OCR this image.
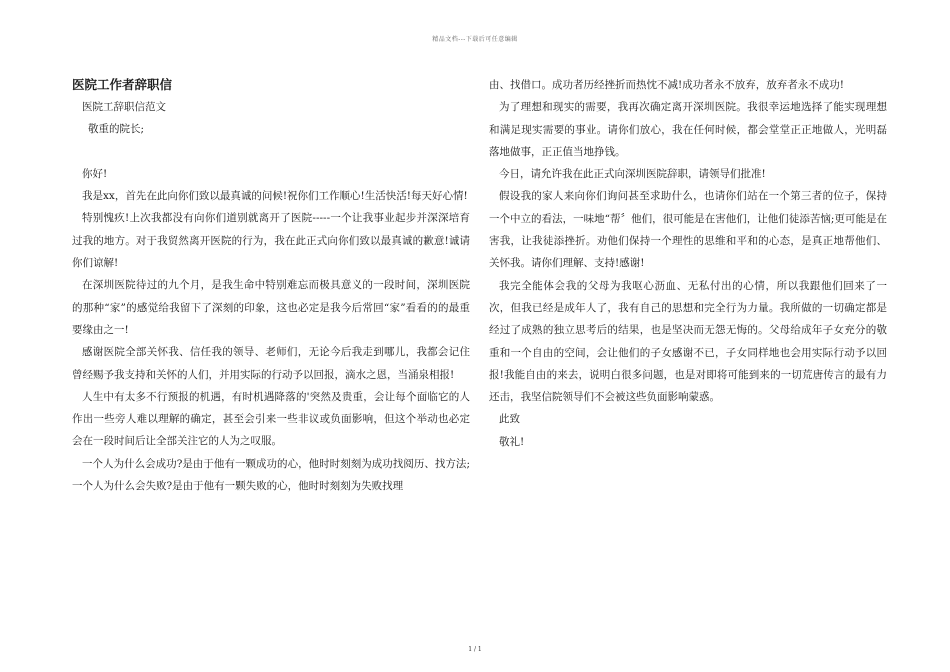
精品文档---下载后可任意编辑
医院工作者辞职信

医院工辞职信范文

敬重的院长;

你好!

我是xx，首先在此向你们致以最真诚的问候!祝你们工作顺心!生活快活!每天好心情!

特别愧疚!上次我都没有向你们道别就离开了医院-----一个让我事业起步并深深培育过我的地方。对于我贸然离开医院的行为，我在此正式向你们致以最真诚的歉意!诚请你们谅解!

在深圳医院待过的九个月，是我生命中特别难忘而极具意义的一段时间，深圳医院的那种“家”的感觉给我留下了深刻的印象，这也必定是我今后常回“家”看看的的最重要缘由之一!

感谢医院全部关怀我、信任我的领导、老师们，无论今后我走到哪儿，我都会记住曾经赐予我支持和关怀的人们，并用实际的行动予以回报，滴水之恩，当涌泉相报!

人生中有太多不行预报的机遇，有时机遇降落的'突然及贵重，会让每个面临它的人作出一些旁人难以理解的确定，甚至会引来一些非议或负面影响，但这个举动也必定会在一段时间后让全部关注它的人为之叹服。

一个人为什么会成功?是由于他有一颗成功的心，他时时刻刻为成功找阅历、找方法;一个人为什么会失败?是由于他有一颗失败的心，他时时刻刻为失败找理

由、找借口。成功者历经挫折而热忱不减!成功者永不放弃，放弃者永不成功!

为了理想和现实的需要，我再次确定离开深圳医院。我很幸运地选择了能实现理想和满足现实需要的事业。请你们放心，我在任何时候，都会堂堂正正地做人，光明磊落地做事，正正值当地挣钱。

今日，请允许我在此正式向深圳医院辞职，请领导们批准!

假设我的家人来向你们询问甚至求助什么，也请你们站在一个第三者的位子，保持一个中立的看法，一味地“帮〞他们，很可能是在害他们，让他们徒添苦恼;更可能是在害我，让我徒添挫折。劝他们保持一个理性的思维和平和的心态，是真正地帮他们、关怀我。请你们理解、支持!感谢!

我完全能体会我的父母为我呕心沥血、无私付出的心情，所以我跟他们回来了一次，但我已经是成年人了，我有自己的思想和完全行为力量。我所做的一切确定都是经过了成熟的独立思考后的结果，也是坚决而无怨无悔的。父母给成年子女充分的敬重和一个自由的空间，会让他们的子女感谢不已，子女同样地也会用实际行动予以回报!我能自由的来去，说明白很多问题，也是对即将可能到来的一切荒唐传言的最有力还击，我坚信院领导们不会被这些负面影响蒙惑。

此致

敬礼!

1 / 1
